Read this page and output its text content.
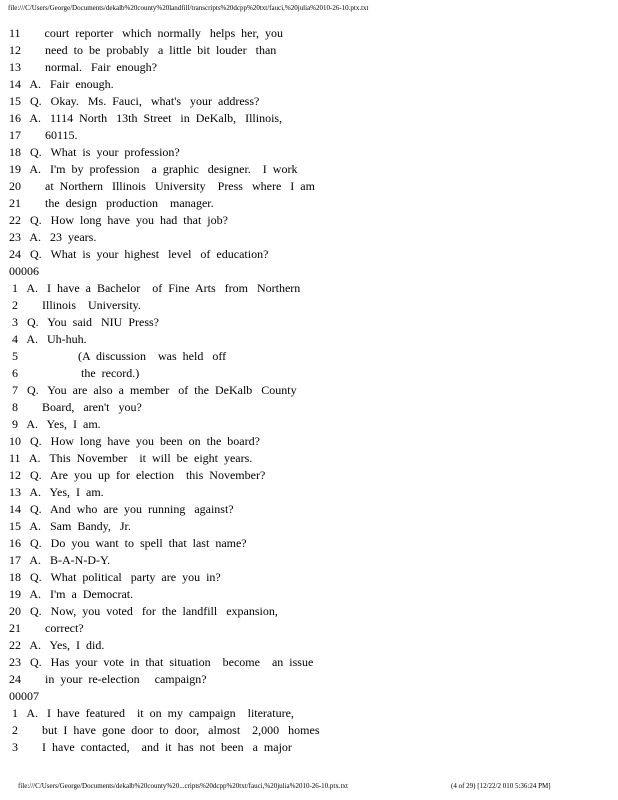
file:///C/Users/George/Documents/dekalb%20county%20landfill/transcripts%20dcpp%20txt/fauci,%20julia%2010-26-10.ptx.txt
11        court  reporter   which  normally   helps  her,  you
12        need  to  be  probably   a  little  bit  louder   than
13        normal.   Fair  enough?
14   A.   Fair  enough.
15   Q.   Okay.   Ms.  Fauci,   what's   your  address?
16   A.   1114  North   13th  Street   in  DeKalb,   Illinois,
17        60115.
18   Q.   What  is  your  profession?
19   A.   I'm  by  profession    a  graphic   designer.    I  work
20        at  Northern   Illinois   University    Press   where   I  am
21        the  design   production    manager.
22   Q.   How  long  have  you  had  that  job?
23   A.   23  years.
24   Q.   What  is  your  highest   level   of  education?
00006
1   A.   I  have  a  Bachelor    of  Fine  Arts   from   Northern
2        Illinois    University.
3   Q.   You  said   NIU  Press?
4   A.   Uh-huh.
5                    (A  discussion    was  held   off
6                     the  record.)
7   Q.   You  are  also  a  member   of  the  DeKalb   County
8        Board,   aren't   you?
9   A.   Yes,  I  am.
10   Q.   How  long  have  you  been  on  the  board?
11   A.   This  November    it  will  be  eight  years.
12   Q.   Are  you  up  for  election    this  November?
13   A.   Yes,  I  am.
14   Q.   And  who  are  you  running   against?
15   A.   Sam  Bandy,   Jr.
16   Q.   Do  you  want  to  spell  that  last  name?
17   A.   B-A-N-D-Y.
18   Q.   What  political   party  are  you  in?
19   A.   I'm  a  Democrat.
20   Q.   Now,  you  voted   for  the  landfill   expansion,
21        correct?
22   A.   Yes,  I  did.
23   Q.   Has  your  vote  in  that  situation    become    an  issue
24        in  your  re-election     campaign?
00007
1   A.   I  have  featured    it  on  my  campaign    literature,
2        but  I  have  gone  door  to  door,   almost    2,000   homes
3        I  have  contacted,    and  it  has  not  been   a  major
file:///C/Users/George/Documents/dekalb%20county%20...cripts%20dcpp%20txt/fauci,%20julia%2010-26-10.ptx.txt	(4 of 29) [12/22/2 010 5:36:24 PM]
